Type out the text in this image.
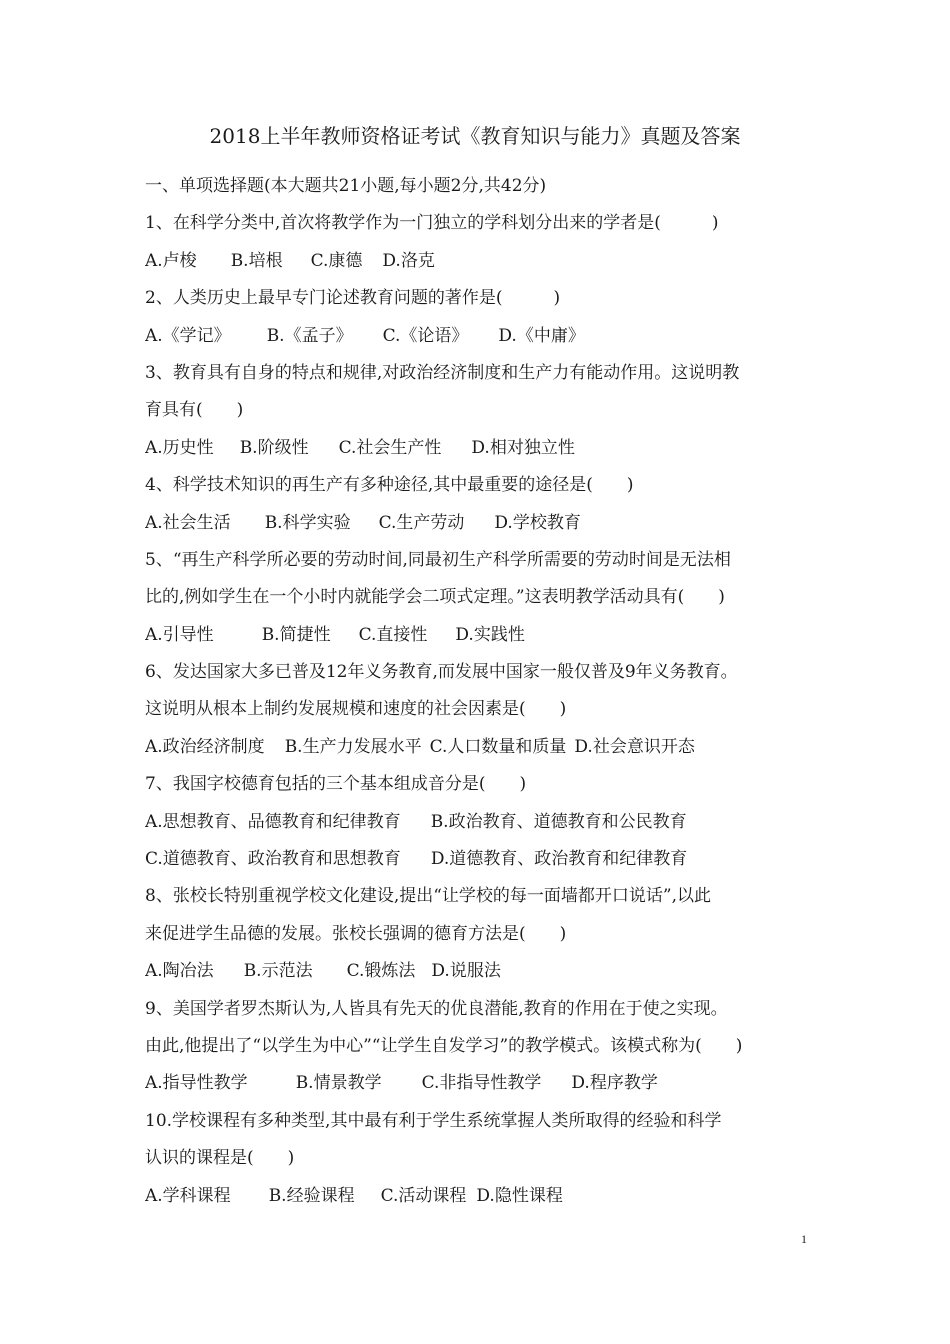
2018上半年教师资格证考试《教育知识与能力》真题及答案
一、单项选择题(本大题共21小题,每小题2分,共42分)
1、在科学分类中,首次将教学作为一门独立的学科划分出来的学者是(　　　)
A.卢梭 B.培根 C.康德 D.洛克
2、人类历史上最早专门论述教育问题的著作是(　　　)
A.《学记》 B.《孟子》 C.《论语》 D.《中庸》
3、教育具有自身的特点和规律,对政治经济制度和生产力有能动作用。这说明教
育具有(　　)
A.历史性 B.阶级性 C.社会生产性 D.相对独立性
4、科学技术知识的再生产有多种途径,其中最重要的途径是(　　)
A.社会生活 B.科学实验 C.生产劳动 D.学校教育
5、“再生产科学所必要的劳动时间,同最初生产科学所需要的劳动时间是无法相
比的,例如学生在一个小时内就能学会二项式定理。”这表明教学活动具有(　　)
A.引导性	B.简捷性 C.直接性 D.实践性
6、发达国家大多已普及12年义务教育,而发展中国家一般仅普及9年义务教育。
这说明从根本上制约发展规模和速度的社会因素是(　　)
A.政治经济制度 B.生产力发展水平 C.人口数量和质量 D.社会意识开态
7、我国字校德育包括的三个基本组成音分是(　　)
A.思想教育、品德教育和纪律教育 B.政治教育、道德教育和公民教育
C.道德教育、政治教育和思想教育 D.道德教育、政治教育和纪律教育
8、张校长特别重视学校文化建设,提出“让学校的每一面墙都开口说话”,以此
来促进学生品德的发展。张校长强调的德育方法是(　　)
A.陶冶法 B.示范法 C.锻炼法 D.说服法
9、美国学者罗杰斯认为,人皆具有先天的优良潜能,教育的作用在于使之实现。
由此,他提出了“以学生为中心”“让学生自发学习”的教学模式。该模式称为(　　)
A.指导性教学	B.情景教学 C.非指导性教学 D.程序教学
10.学校课程有多种类型,其中最有利于学生系统掌握人类所取得的经验和科学
认识的课程是(　　)
A.学科课程 B.经验课程 C.活动课程 D.隐性课程
1
